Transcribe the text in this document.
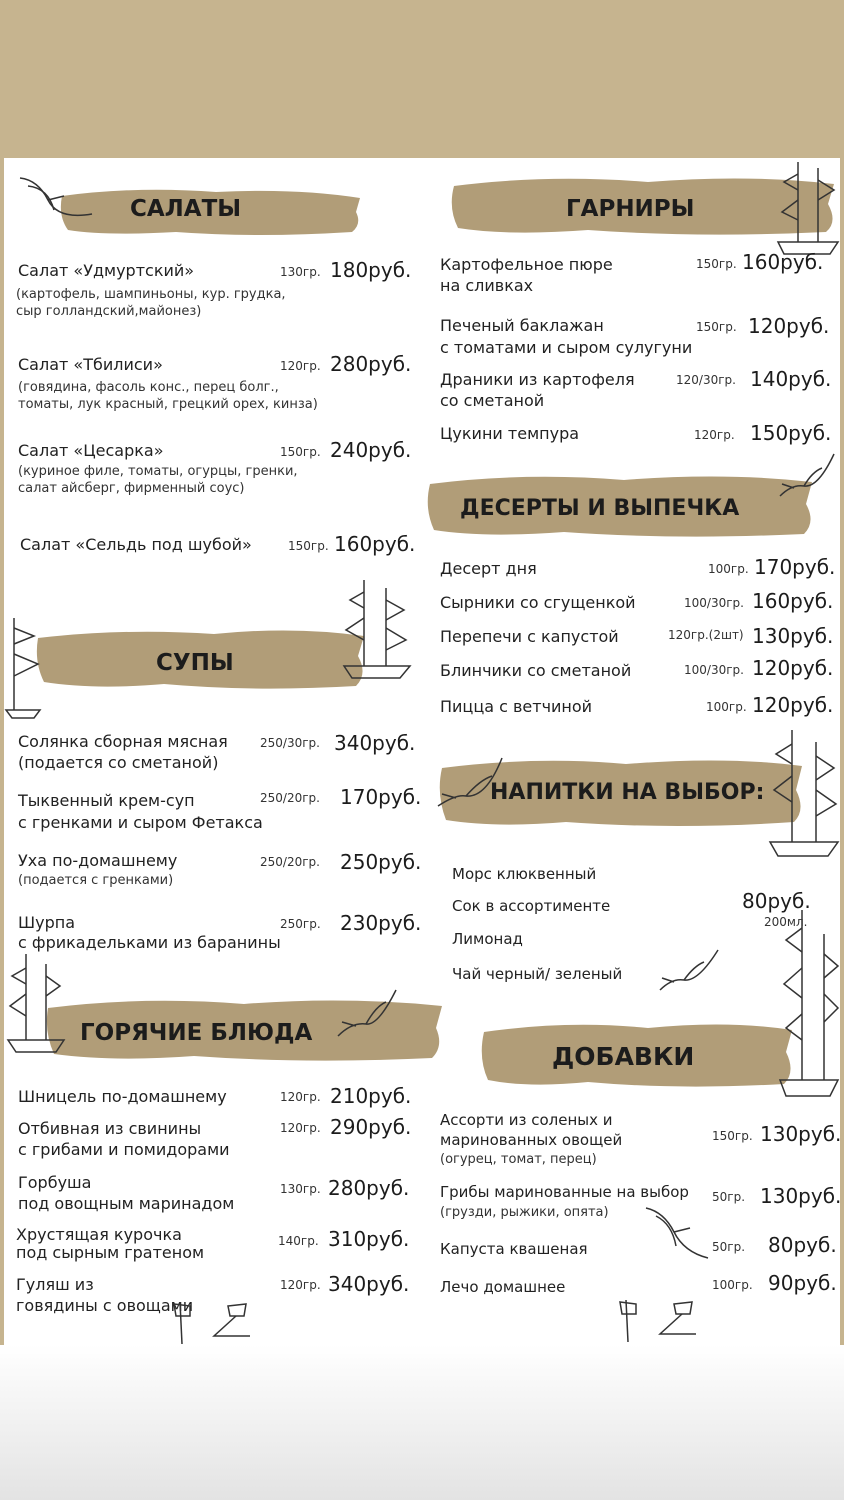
САЛАТЫ
Салат «Удмуртский»	130гр. 180руб.
(картофель, шампиньоны, кур. грудка,
сыр голландский,майонез)
Салат «Тбилиси»	120гр. 280руб.
(говядина, фасоль конс., перец болг.,
томаты, лук красный, грецкий орех, кинза)
Салат «Цесарка»	150гр. 240руб.
(куриное филе, томаты, огурцы, гренки,
салат айсберг, фирменный соус)
Салат «Сельдь под шубой»	150гр. 160руб.
СУПЫ
Солянка сборная мясная
(подается со сметаной)
250/30гр. 340руб.
Тыквенный крем-суп
с гренками и сыром Фетакса
250/20гр. 170руб.
Уха по-домашнему
(подается с гренками)
250/20гр. 250руб.
Шурпа
с фрикадельками из баранины
250гр. 230руб.
ГОРЯЧИЕ БЛЮДА
Шницель по-домашнему	120гр. 210руб.
Отбивная из свинины
с грибами и помидорами
120гр. 290руб.
Горбуша
под овощным маринадом
130гр. 280руб.
Хрустящая курочка
под сырным гратеном
140гр. 310руб.
Гуляш из
говядины с овощами
120гр. 340руб.
ГАРНИРЫ
Картофельное пюре
на сливках
150гр. 160руб.
Печеный баклажан
с томатами и сыром сулугуни
150гр. 120руб.
Драники из картофеля
со сметаной
120/30гр. 140руб.
Цукини темпура	120гр. 150руб.
ДЕСЕРТЫ И ВЫПЕЧКА
Десерт дня	100гр. 170руб.
Сырники со сгущенкой	100/30гр. 160руб.
Перепечи с капустой	120гр.(2шт) 130руб.
Блинчики со сметаной	100/30гр. 120руб.
Пицца с ветчиной	100гр. 120руб.
НАПИТКИ НА ВЫБОР:
Морс клюквенный
Сок в ассортименте
Лимонад
Чай черный/ зеленый
80руб.
200мл.
ДОБАВКИ
Ассорти из соленых и
маринованных овощей
(огурец, томат, перец)
150гр. 130руб.
Грибы маринованные на выбор
(грузди, рыжики, опята)
50гр. 130руб.
Капуста квашеная	50гр. 80руб.
Лечо домашнее	100гр. 90руб.
